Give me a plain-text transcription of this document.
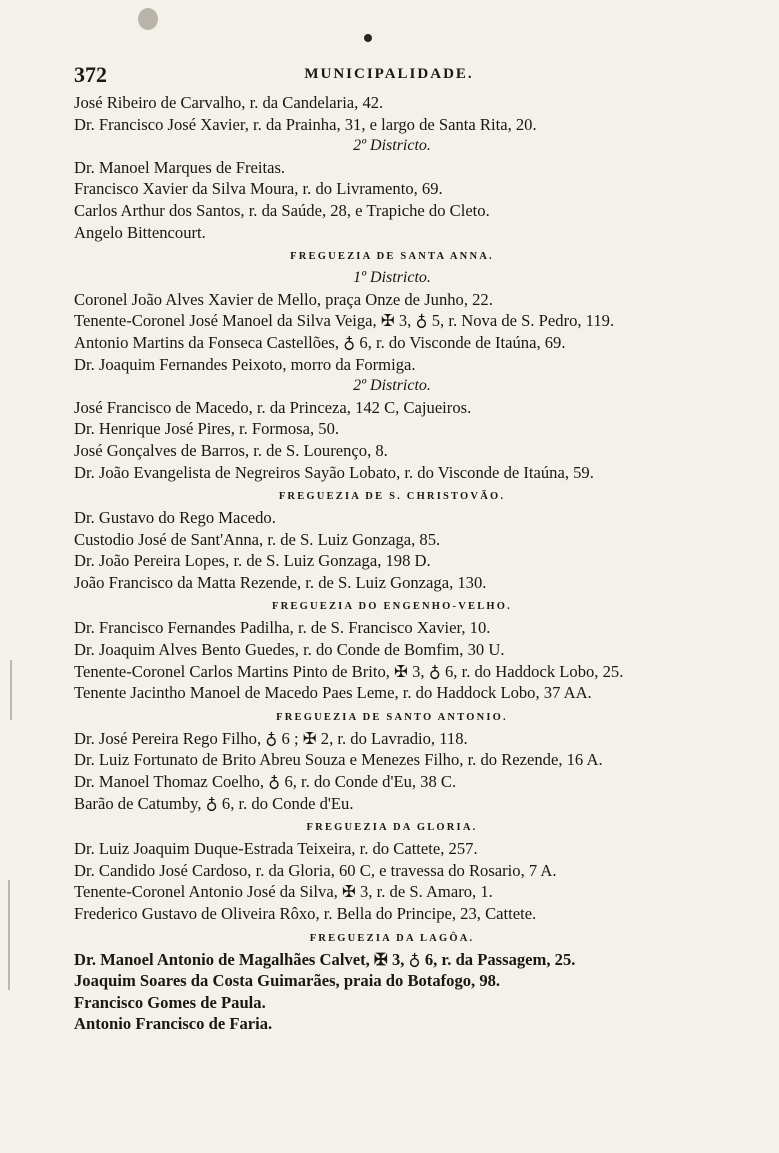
372	MUNICIPALIDADE.

José Ribeiro de Carvalho, r. da Candelaria, 42.

Dr. Francisco José Xavier, r. da Prainha, 31, e largo de Santa Rita, 20.

2º Districto.

Dr. Manoel Marques de Freitas.

Francisco Xavier da Silva Moura, r. do Livramento, 69.

Carlos Arthur dos Santos, r. da Saúde, 28, e Trapiche do Cleto.

Angelo Bittencourt.

FREGUEZIA DE SANTA ANNA.

1º Districto.

Coronel João Alves Xavier de Mello, praça Onze de Junho, 22.

Tenente-Coronel José Manoel da Silva Veiga, ✠ 3, ♁ 5, r. Nova de S. Pedro, 119.

Antonio Martins da Fonseca Castellões, ♁ 6, r. do Visconde de Itaúna, 69.

Dr. Joaquim Fernandes Peixoto, morro da Formiga.

2º Districto.

José Francisco de Macedo, r. da Princeza, 142 C, Cajueiros.

Dr. Henrique José Pires, r. Formosa, 50.

José Gonçalves de Barros, r. de S. Lourenço, 8.

Dr. João Evangelista de Negreiros Sayão Lobato, r. do Visconde de Itaúna, 59.

FREGUEZIA DE S. CHRISTOVÃO.

Dr. Gustavo do Rego Macedo.

Custodio José de Sant'Anna, r. de S. Luiz Gonzaga, 85.

Dr. João Pereira Lopes, r. de S. Luiz Gonzaga, 198 D.

João Francisco da Matta Rezende, r. de S. Luiz Gonzaga, 130.

FREGUEZIA DO ENGENHO-VELHO.

Dr. Francisco Fernandes Padilha, r. de S. Francisco Xavier, 10.

Dr. Joaquim Alves Bento Guedes, r. do Conde de Bomfim, 30 U.

Tenente-Coronel Carlos Martins Pinto de Brito, ✠ 3, ♁ 6, r. do Haddock Lobo, 25.

Tenente Jacintho Manoel de Macedo Paes Leme, r. do Haddock Lobo, 37 AA.

FREGUEZIA DE SANTO ANTONIO.

Dr. José Pereira Rego Filho, ♁ 6 ; ✠ 2, r. do Lavradio, 118.

Dr. Luiz Fortunato de Brito Abreu Souza e Menezes Filho, r. do Rezende, 16 A.

Dr. Manoel Thomaz Coelho, ♁ 6, r. do Conde d'Eu, 38 C.

Barão de Catumby, ♁ 6, r. do Conde d'Eu.

FREGUEZIA DA GLORIA.

Dr. Luiz Joaquim Duque-Estrada Teixeira, r. do Cattete, 257.

Dr. Candido José Cardoso, r. da Gloria, 60 C, e travessa do Rosario, 7 A.

Tenente-Coronel Antonio José da Silva, ✠ 3, r. de S. Amaro, 1.

Frederico Gustavo de Oliveira Rôxo, r. Bella do Principe, 23, Cattete.

FREGUEZIA DA LAGÔA.

Dr. Manoel Antonio de Magalhães Calvet, ✠ 3, ♁ 6, r. da Passagem, 25.

Joaquim Soares da Costa Guimarães, praia do Botafogo, 98.

Francisco Gomes de Paula.

Antonio Francisco de Faria.
